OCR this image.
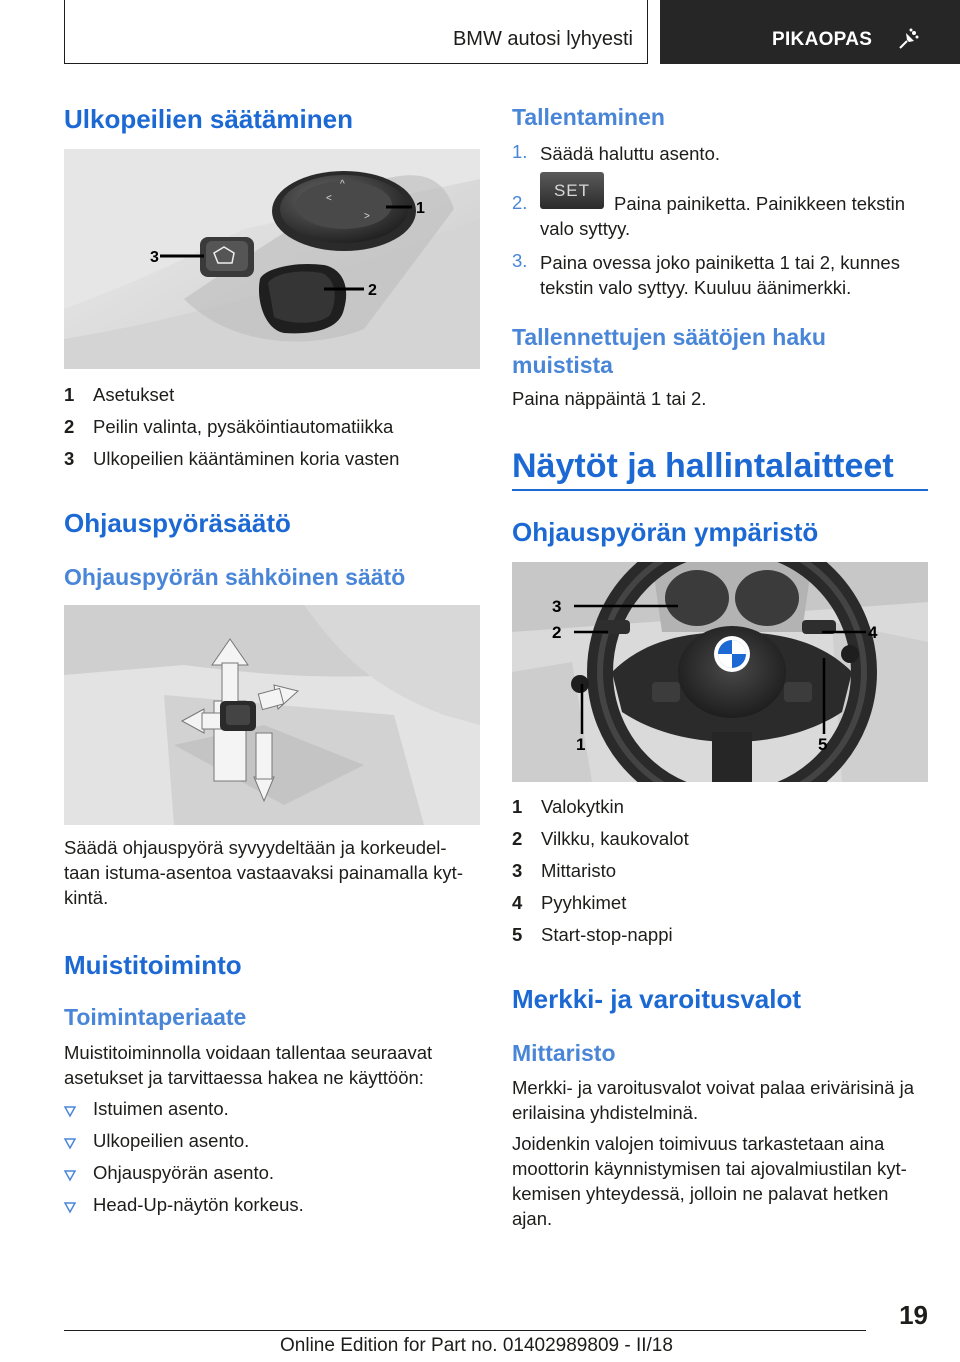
BMW autosi lyhyesti	PIKAOPAS
Ulkopeilien säätäminen
<
>
^
1
2
3
1 Asetukset
2 Peilin valinta, pysäköintiautomatiikka
3 Ulkopeilien kääntäminen koria vasten
Ohjauspyöräsäätö
Ohjauspyörän sähköinen säätö
Säädä ohjauspyörä syvyydeltään ja korkeudel-
taan istuma-asentoa vastaavaksi painamalla kyt-
kintä.
Muistitoiminto
Toimintaperiaate
Muistitoiminnolla voidaan tallentaa seuraavat
asetukset ja tarvittaessa hakea ne käyttöön:
Istuimen asento.
Ulkopeilien asento.
Ohjauspyörän asento.
Head-Up-näytön korkeus.
Tallentaminen
1. Säädä haluttu asento.
2.
SET
Paina painiketta. Painikkeen tekstin
valo syttyy.
3. Paina ovessa joko painiketta 1 tai 2, kunnes
tekstin valo syttyy. Kuuluu äänimerkki.
Tallennettujen säätöjen haku
muistista
Paina näppäintä 1 tai 2.
Näytöt ja hallintalaitteet
Ohjauspyörän ympäristö
3
2	4
1	5
1 Valokytkin
2 Vilkku, kaukovalot
3 Mittaristo
4 Pyyhkimet
5 Start-stop-nappi
Merkki- ja varoitusvalot
Mittaristo
Merkki- ja varoitusvalot voivat palaa erivärisinä ja
erilaisina yhdistelminä.
Joidenkin valojen toimivuus tarkastetaan aina
moottorin käynnistymisen tai ajovalmiustilan kyt-
kemisen yhteydessä, jolloin ne palavat hetken
ajan.
19
Online Edition for Part no. 01402989809 - II/18
